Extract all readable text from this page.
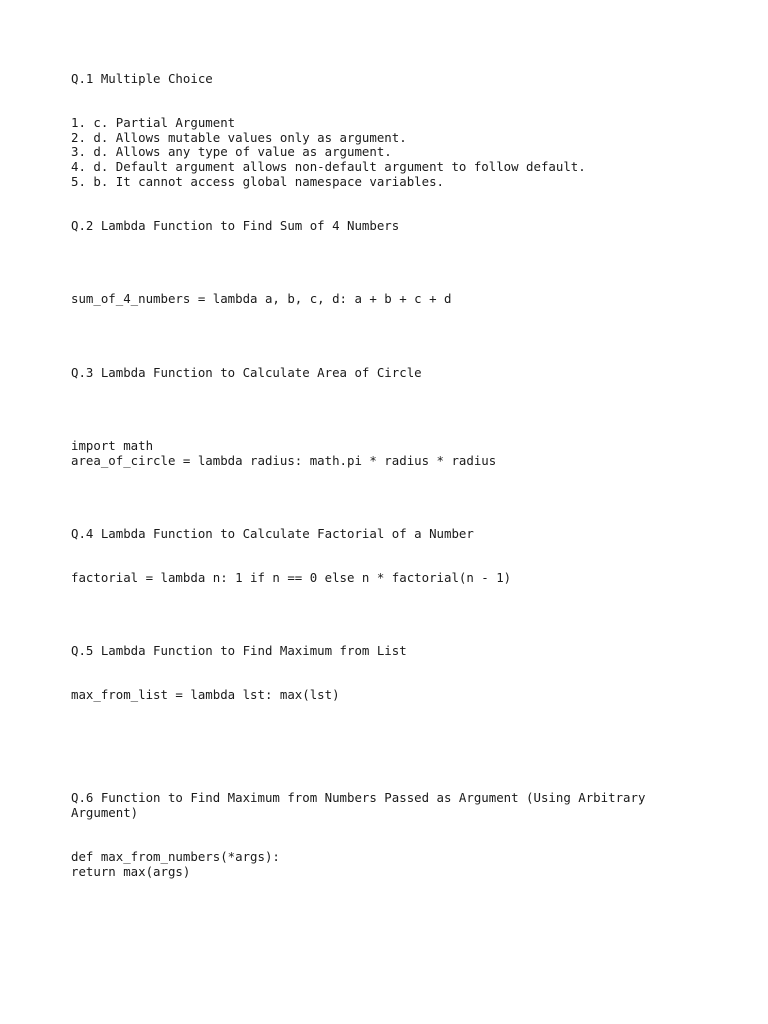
Q.1 Multiple Choice

1. c. Partial Argument

2. d. Allows mutable values only as argument.

3. d. Allows any type of value as argument.

4. d. Default argument allows non-default argument to follow default.

5. b. It cannot access global namespace variables.

Q.2 Lambda Function to Find Sum of 4 Numbers

sum_of_4_numbers = lambda a, b, c, d: a + b + c + d

Q.3 Lambda Function to Calculate Area of Circle

import math

area_of_circle = lambda radius: math.pi * radius * radius

Q.4 Lambda Function to Calculate Factorial of a Number

factorial = lambda n: 1 if n == 0 else n * factorial(n - 1)

Q.5 Lambda Function to Find Maximum from List

max_from_list = lambda lst: max(lst)

Q.6 Function to Find Maximum from Numbers Passed as Argument (Using Arbitrary

Argument)

def max_from_numbers(*args):

return max(args)
